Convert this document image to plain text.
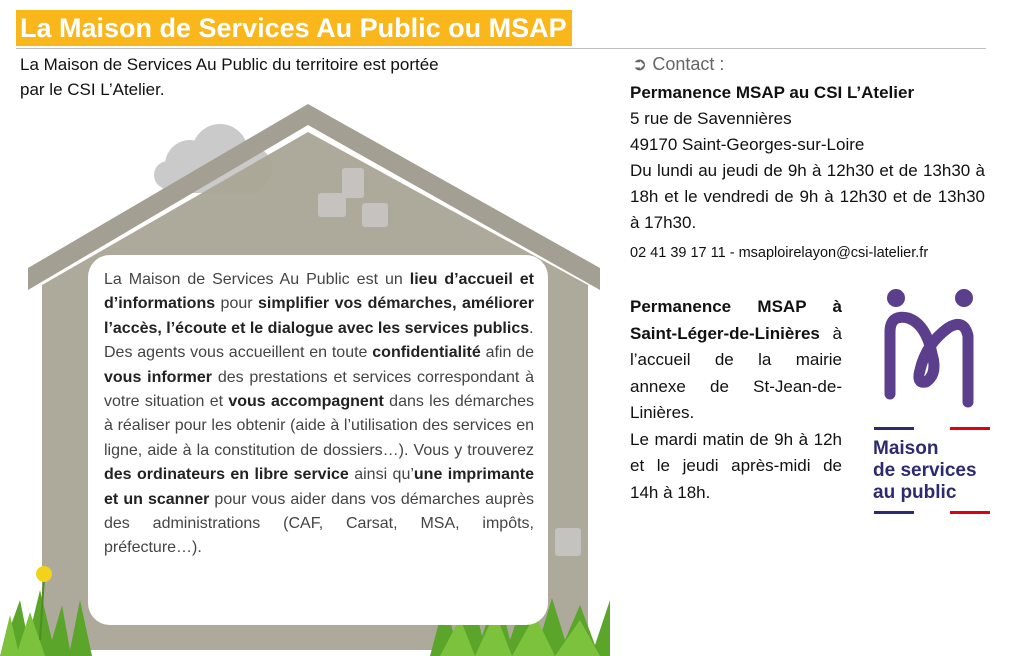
La Maison de Services Au Public ou MSAP
La Maison de Services Au Public du territoire est portée
par le CSI L’Atelier.
La Maison de Services Au Public est un lieu d’accueil et d’informations pour simplifier vos démarches, améliorer l’accès, l’écoute et le dialogue avec les services publics.
Des agents vous accueillent en toute confidentialité afin de vous informer des prestations et services correspondant à votre situation et vous accompagnent dans les démarches à réaliser pour les obtenir (aide à l’utilisation des services en ligne, aide à la constitution de dossiers…). Vous y trouverez des ordinateurs en libre service ainsi qu’une imprimante et un scanner pour vous aider dans vos démarches auprès des administrations (CAF, Carsat, MSA, impôts, préfecture…).
➲ Contact :
Permanence MSAP au CSI L’Atelier
5 rue de Savennières
49170 Saint-Georges-sur-Loire
Du lundi au jeudi de 9h à 12h30 et de 13h30 à 18h et le vendredi de 9h à 12h30 et de 13h30 à 17h30.
02 41 39 17 11 - msaploirelayon@csi-latelier.fr
Permanence MSAP à Saint-Léger-de-Linières à l’accueil de la mairie annexe de St-Jean-de-Linières.
Le mardi matin de 9h à 12h et le jeudi après-midi de 14h à 18h.
Maison
de services
au public
